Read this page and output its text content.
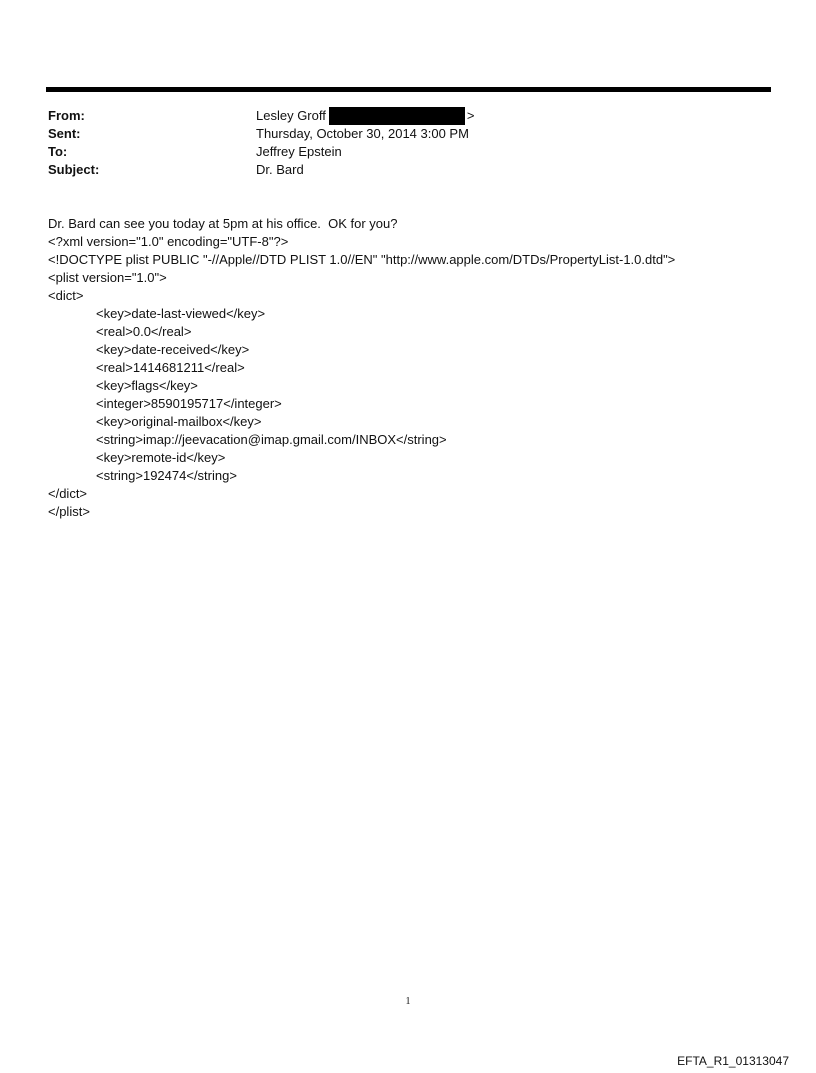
From:	Lesley Groff	>
Sent:	Thursday, October 30, 2014 3:00 PM
To:	Jeffrey Epstein
Subject:	Dr. Bard
Dr. Bard can see you today at 5pm at his office.  OK for you?
<?xml version="1.0" encoding="UTF-8"?>
<!DOCTYPE plist PUBLIC "-//Apple//DTD PLIST 1.0//EN" "http://www.apple.com/DTDs/PropertyList-1.0.dtd">
<plist version="1.0">
<dict>
<key>date-last-viewed</key>
<real>0.0</real>
<key>date-received</key>
<real>1414681211</real>
<key>flags</key>
<integer>8590195717</integer>
<key>original-mailbox</key>
<string>imap://jeevacation@imap.gmail.com/INBOX</string>
<key>remote-id</key>
<string>192474</string>
</dict>
</plist>
1
EFTA_R1_01313047
